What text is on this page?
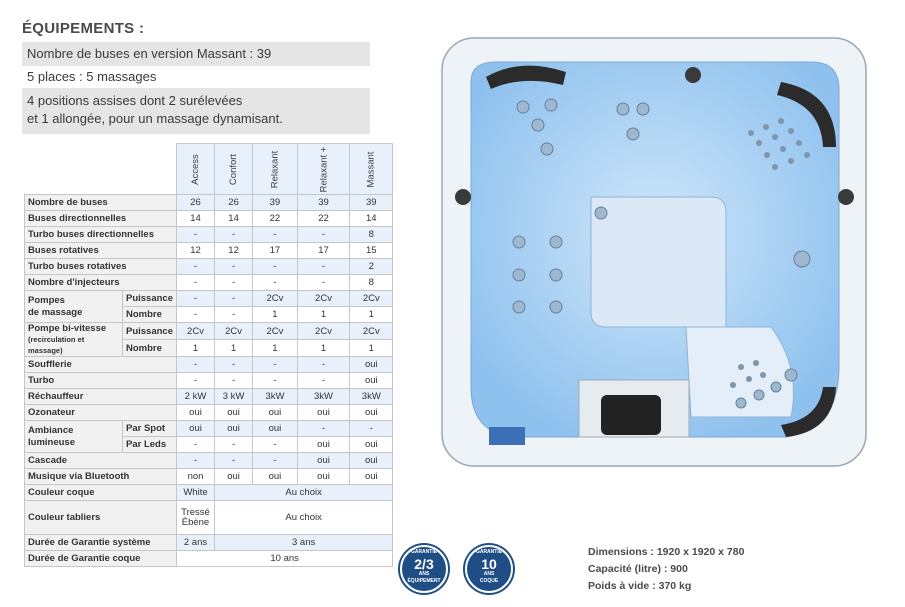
ÉQUIPEMENTS :
Nombre de buses en version Massant : 39
5 places : 5 massages
4 positions assises dont 2 surélevées
et 1 allongée, pour un massage dynamisant.
		Access	Confort	Relaxant	Relaxant +	Massant
Nombre de buses		26	26	39	39	39
Buses directionnelles		14	14	22	22	14
Turbo buses directionnelles		-	-	-	-	8
Buses rotatives		12	12	17	17	15
Turbo buses rotatives		-	-	-	-	2
Nombre d'injecteurs		-	-	-	-	8

Pompes
de massage	Puissance	-	-	2Cv	2Cv	2Cv
	Nombre	-	-	1	1	1

Pompe bi-vitesse
(recirculation et massage)	Puissance	2Cv	2Cv	2Cv	2Cv	2Cv
	Nombre	1	1	1	1	1
Soufflerie		-	-	-	-	oui
Turbo		-	-	-	-	oui
Réchauffeur		2 kW	3 kW	3kW	3kW	3kW
Ozonateur		oui	oui	oui	oui	oui

Ambiance
lumineuse	Par Spot	oui	oui	oui	-	-
	Par Leds	-	-	-	oui	oui
Cascade		-	-	-	oui	oui
Musique via Bluetooth		non	oui	oui	oui	oui
Couleur coque		White	Au choix			
Couleur tabliers		Tressé
Ébène	Au choix			
Durée de Garantie système		2 ans	3 ans			
Durée de Garantie coque		10 ans				
GARANTIE
2/3
ANS
ÉQUIPEMENT
GARANTIE
10
ANS
COQUE
Dimensions : 1920 x 1920 x 780
Capacité (litre) : 900
Poids à vide : 370 kg
